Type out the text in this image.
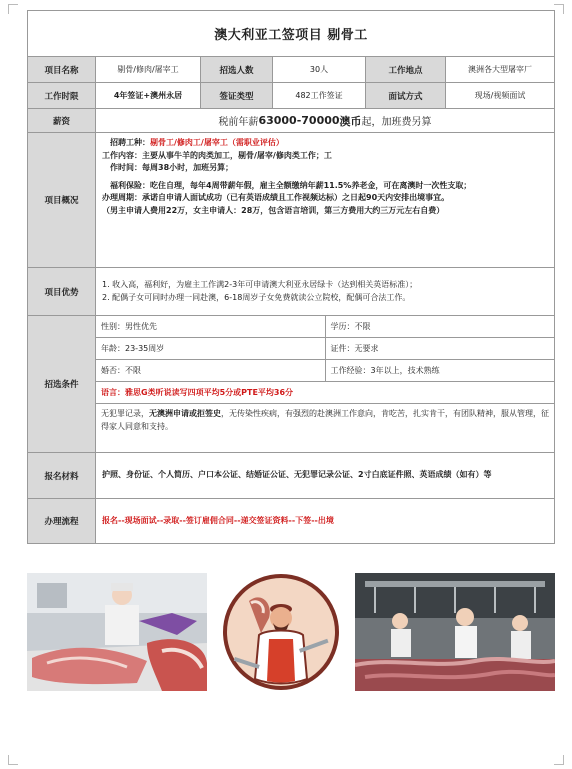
澳大利亚工签项目 剔骨工
项目名称	剔骨/修肉/屠宰工	招选人数	30人	工作地点	澳洲各大型屠宰厂
工作时限	4年签证+澳州永居	签证类型	482工作签证	面试方式	现场/视频面试
薪资	税前年薪 63000-70000 澳币 起，加班费另算
项目概况
招聘工种：剔骨工/修肉工/屠宰工（需职业评估）
工作内容：主要从事牛羊的肉类加工，剔骨/屠宰/修肉类工作；工
作时间：每周38小时，加班另算；
福利保险：吃住自理，每年4周带薪年假，雇主全额缴纳年薪11.5%养老金，可在离澳时一次性支取；
办理周期：承诺自申请人面试成功（已有英语成绩且工作视频达标）之日起90天内安排出境事宜。
（男主申请人费用22万，女主申请人：28万，包含语言培训，第三方费用大约三万元左右自费）
项目优势
1. 收入高，福利好，为雇主工作满2-3年可申请澳大利亚永居绿卡（达到相关英语标准）；
2. 配偶子女可同时办理一同赴澳，6-18周岁子女免费就读公立院校，配偶可合法工作。
招选条件
性别：男性优先	学历：不限
年龄：23-35周岁	证件：无要求
婚否：不限	工作经验：3年以上，技术熟练
语言：雅思G类听说读写四项平均5分或PTE平均36分
无犯罪记录，无澳洲申请或拒签史，无传染性疾病，有强烈的赴澳洲工作意向，肯吃苦，扎实肯干，有团队精神，服从管理，征得家人同意和支持。
报名材料	护照、身份证、个人简历、户口本公证、结婚证公证、无犯罪记录公证、2寸白底证件照、英语成绩（如有）等
办理流程	报名--现场面试--录取--签订雇佣合同--递交签证资料--下签--出境
